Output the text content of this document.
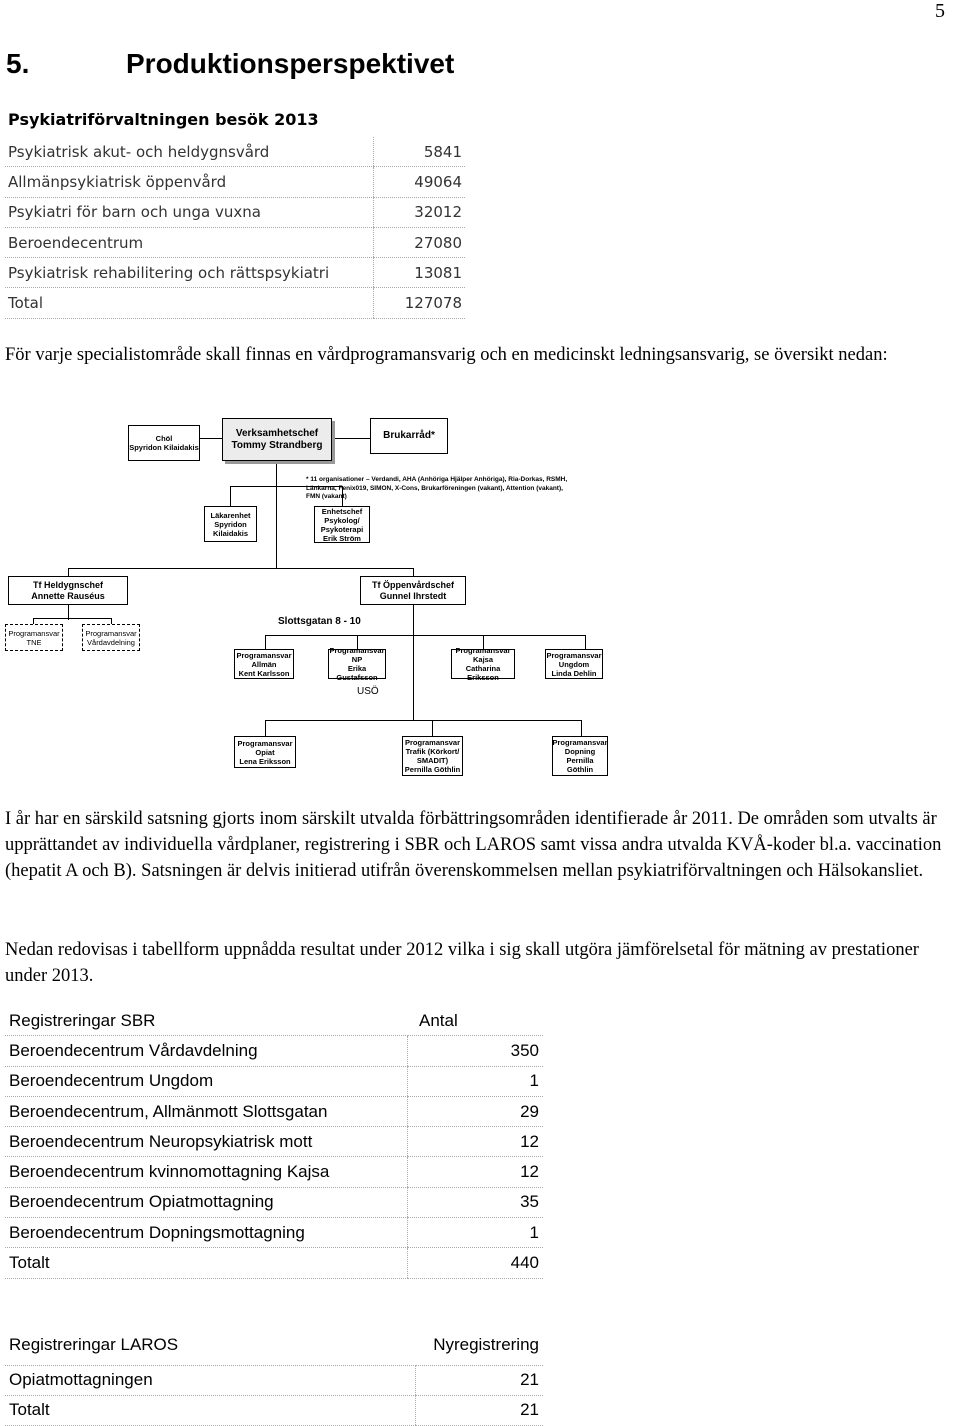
5
5.	Produktionsperspektivet
Psykiatriförvaltningen besök 2013
Psykiatrisk akut- och heldygnsvård	5841
Allmänpsykiatrisk öppenvård	49064
Psykiatri för barn och unga vuxna	32012
Beroendecentrum	27080
Psykiatrisk rehabilitering och rättspsykiatri	13081
Total	127078
För varje specialistområde skall finnas en vårdprogramansvarig och en medicinskt ledningsansvarig, se översikt nedan:
Chöl
Spyridon Kilaidakis
Verksamhetschef
Tommy Strandberg
Brukarråd*
* 11 organisationer – Verdandi, AHA (Anhöriga Hjälper Anhöriga), Ria-Dorkas, RSMH, Länkarna, Fenix019, SIMON, X-Cons, Brukarföreningen (vakant), Attention (vakant), FMN (vakant)
Läkarenhet
Spyridon
Kilaidakis
Enhetschef
Psykolog/
Psykoterapi
Erik Ström
Tf Heldygnschef
Annette Rauséus
Tf Öppenvårdschef
Gunnel Ihrstedt
Programansvar
TNE
Programansvar
Vårdavdelning
Slottsgatan 8 - 10
Programansvar
Allmän
Kent Karlsson
Programansvar
NP
Erika Gustafsson
Programansvar
Kajsa
Catharina Eriksson
Programansvar
Ungdom
Linda Dehlin
USÖ
Programansvar
Opiat
Lena Eriksson
Programansvar
Trafik (Körkort/
SMADIT)
Pernilla Göthlin
Programansvar
Dopning
Pernilla Göthlin
I år har en särskild satsning gjorts inom särskilt utvalda förbättringsområden identifierade år 2011. De områden som utvalts är upprättandet av individuella vårdplaner, registrering i SBR och LAROS samt vissa andra utvalda KVÅ-koder bl.a. vaccination (hepatit A och B). Satsningen är delvis initierad utifrån överenskommelsen mellan psykiatriförvaltningen och Hälsokansliet.
Nedan redovisas i tabellform uppnådda resultat under 2012 vilka i sig skall utgöra jämförelsetal för mätning av prestationer under 2013.
Registreringar SBR	Antal
Beroendecentrum Vårdavdelning	350
Beroendecentrum Ungdom	1
Beroendecentrum, Allmänmott Slottsgatan	29
Beroendecentrum Neuropsykiatrisk mott	12
Beroendecentrum kvinnomottagning Kajsa	12
Beroendecentrum Opiatmottagning	35
Beroendecentrum Dopningsmottagning	1
Totalt	440
Registreringar LAROS	Nyregistrering
Opiatmottagningen	21
Totalt	21
